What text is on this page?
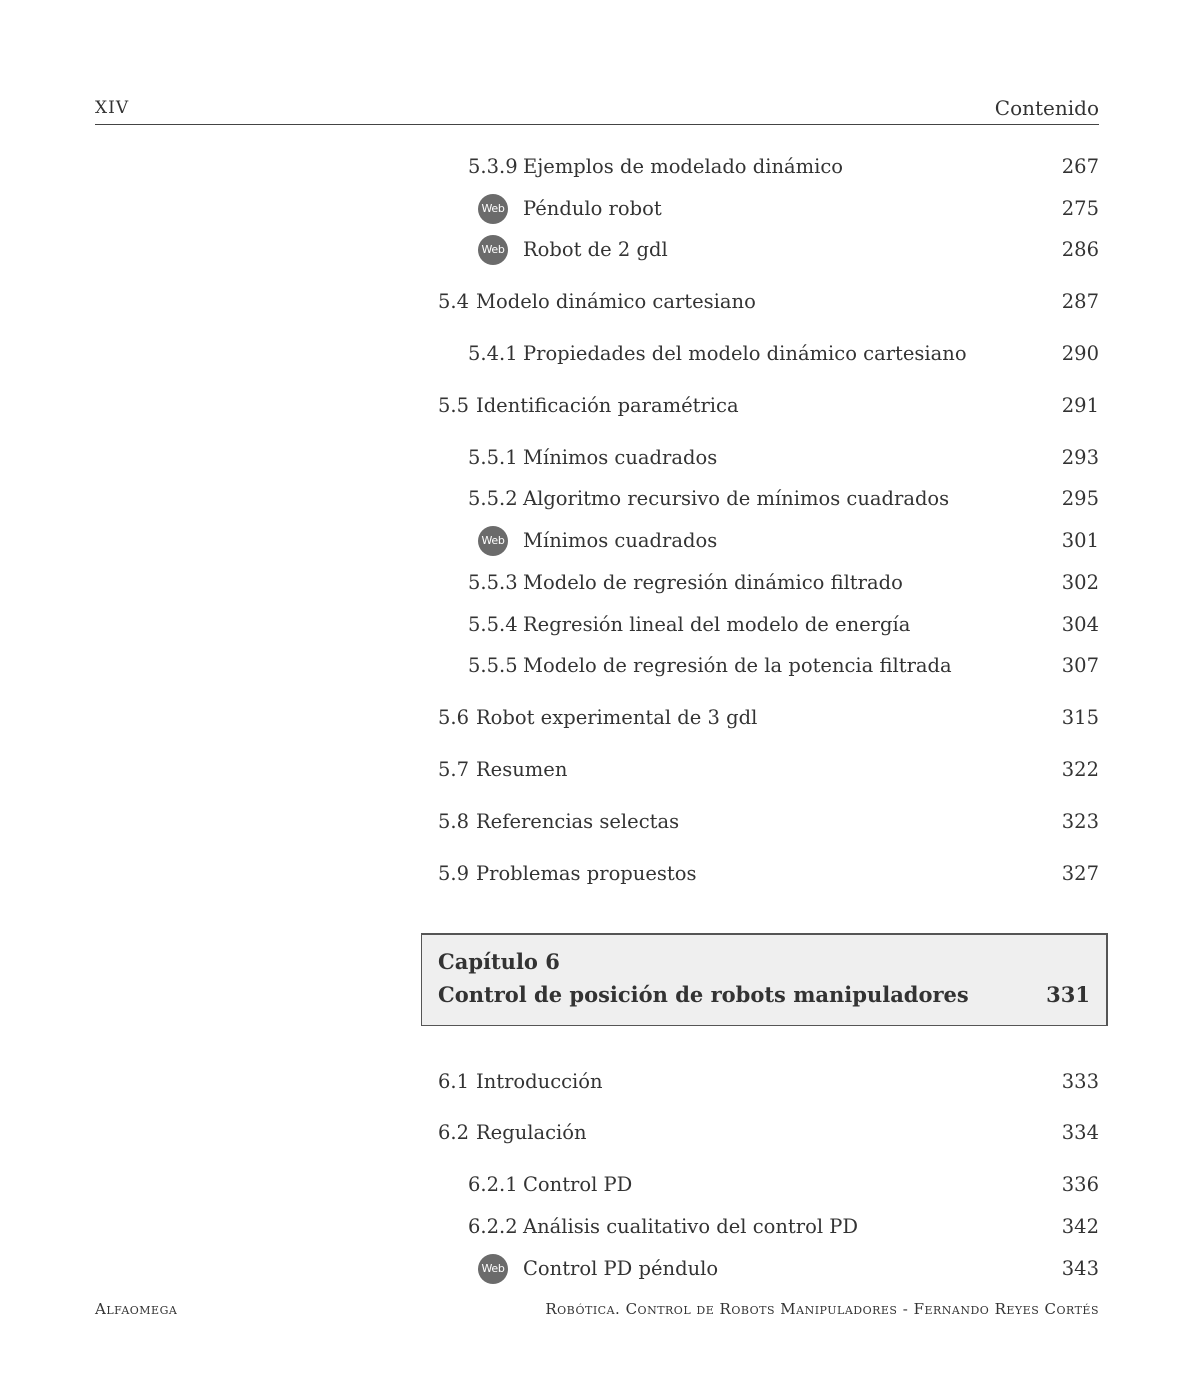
XIV	Contenido
5.3.9 Ejemplos de modelado dinámico	267
Web Péndulo robot	275
Web Robot de 2 gdl	286
5.4 Modelo dinámico cartesiano	287
5.4.1 Propiedades del modelo dinámico cartesiano	290
5.5 Identificación paramétrica	291
5.5.1 Mínimos cuadrados	293
5.5.2 Algoritmo recursivo de mínimos cuadrados	295
Web Mínimos cuadrados	301
5.5.3 Modelo de regresión dinámico filtrado	302
5.5.4 Regresión lineal del modelo de energía	304
5.5.5 Modelo de regresión de la potencia filtrada	307
5.6 Robot experimental de 3 gdl	315
5.7 Resumen	322
5.8 Referencias selectas	323
5.9 Problemas propuestos	327
Capítulo 6
Control de posición de robots manipuladores	331
6.1 Introducción	333
6.2 Regulación	334
6.2.1 Control PD	336
6.2.2 Análisis cualitativo del control PD	342
Web Control PD péndulo	343
Alfaomega	Robótica. Control de Robots Manipuladores - Fernando Reyes Cortés
